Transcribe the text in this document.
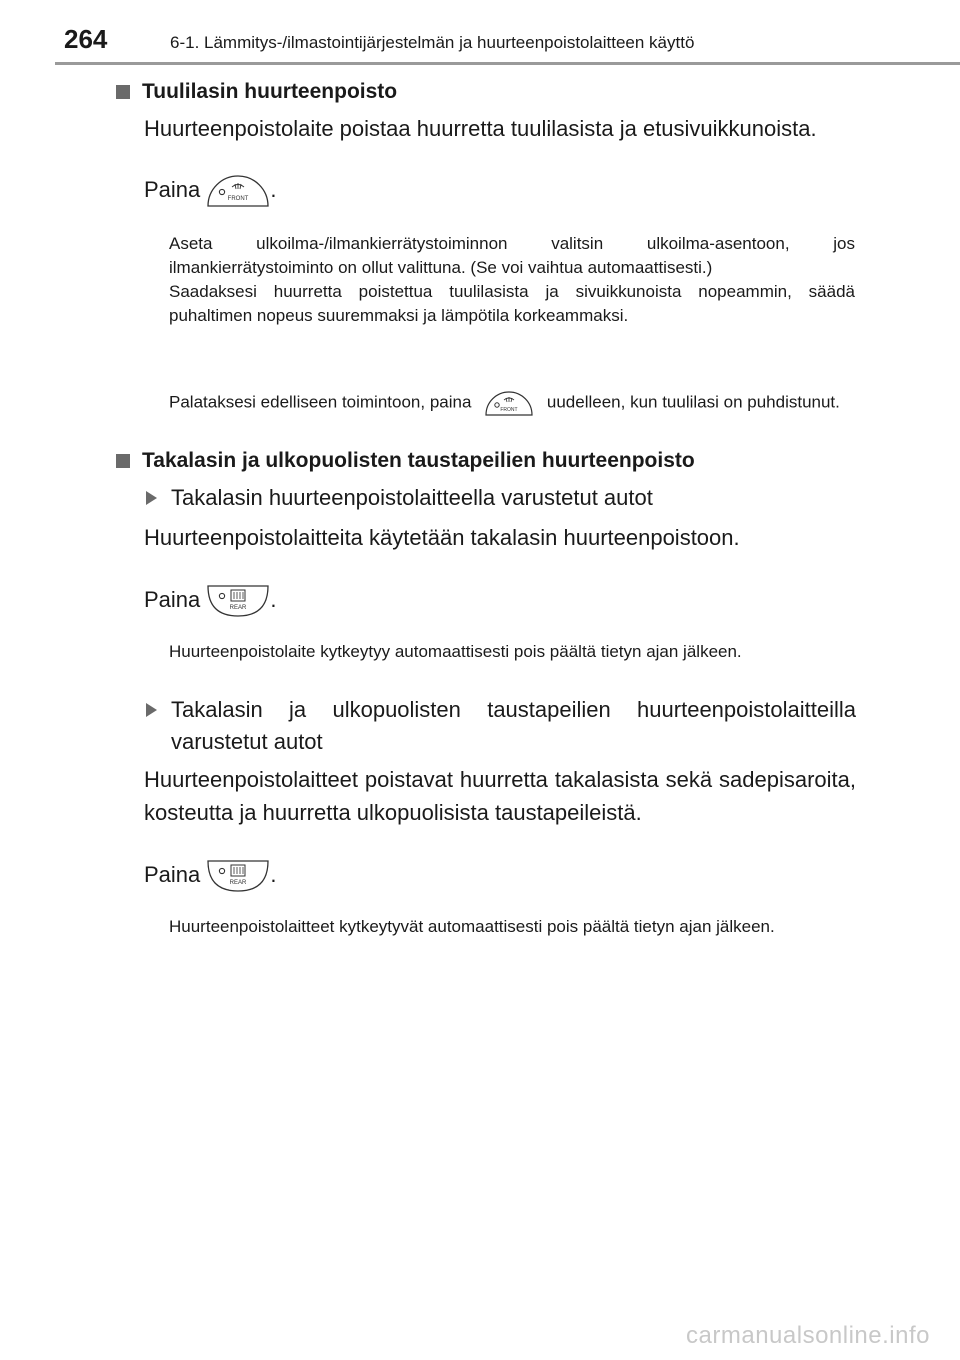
264	6-1. Lämmitys-/ilmastointijärjestelmän ja huurteenpoistolaitteen käyttö
Tuulilasin huurteenpoisto
Huurteenpoistolaite poistaa huurretta tuulilasista ja etusivuikkunoista.
Paina	FRONT .

Aseta ulkoilma-/ilmankierrätystoiminnon valitsin ulkoilma-asentoon, jos ilmankierrätystoiminto on ollut valittuna. (Se voi vaihtua automaattisesti.)

Saadaksesi huurretta poistettua tuulilasista ja sivuikkunoista nopeammin, säädä puhaltimen nopeus suuremmaksi ja lämpötila korkeammaksi.

Palataksesi edelliseen toimintoon, paina	FRONT uudelleen, kun tuulilasi on puhdistunut.
Takalasin ja ulkopuolisten taustapeilien huurteenpoisto
Takalasin huurteenpoistolaitteella varustetut autot
Huurteenpoistolaitteita käytetään takalasin huurteenpoistoon.
Paina	REAR .
Huurteenpoistolaite kytkeytyy automaattisesti pois päältä tietyn ajan jälkeen.
Takalasin ja ulkopuolisten taustapeilien huurteenpoistolaitteilla
varustetut autot
Huurteenpoistolaitteet poistavat huurretta takalasista sekä sadepisaroita, kosteutta ja huurretta ulkopuolisista taustapeileistä.
Paina	REAR .
Huurteenpoistolaitteet kytkeytyvät automaattisesti pois päältä tietyn ajan jälkeen.
carmanualsonline.info
